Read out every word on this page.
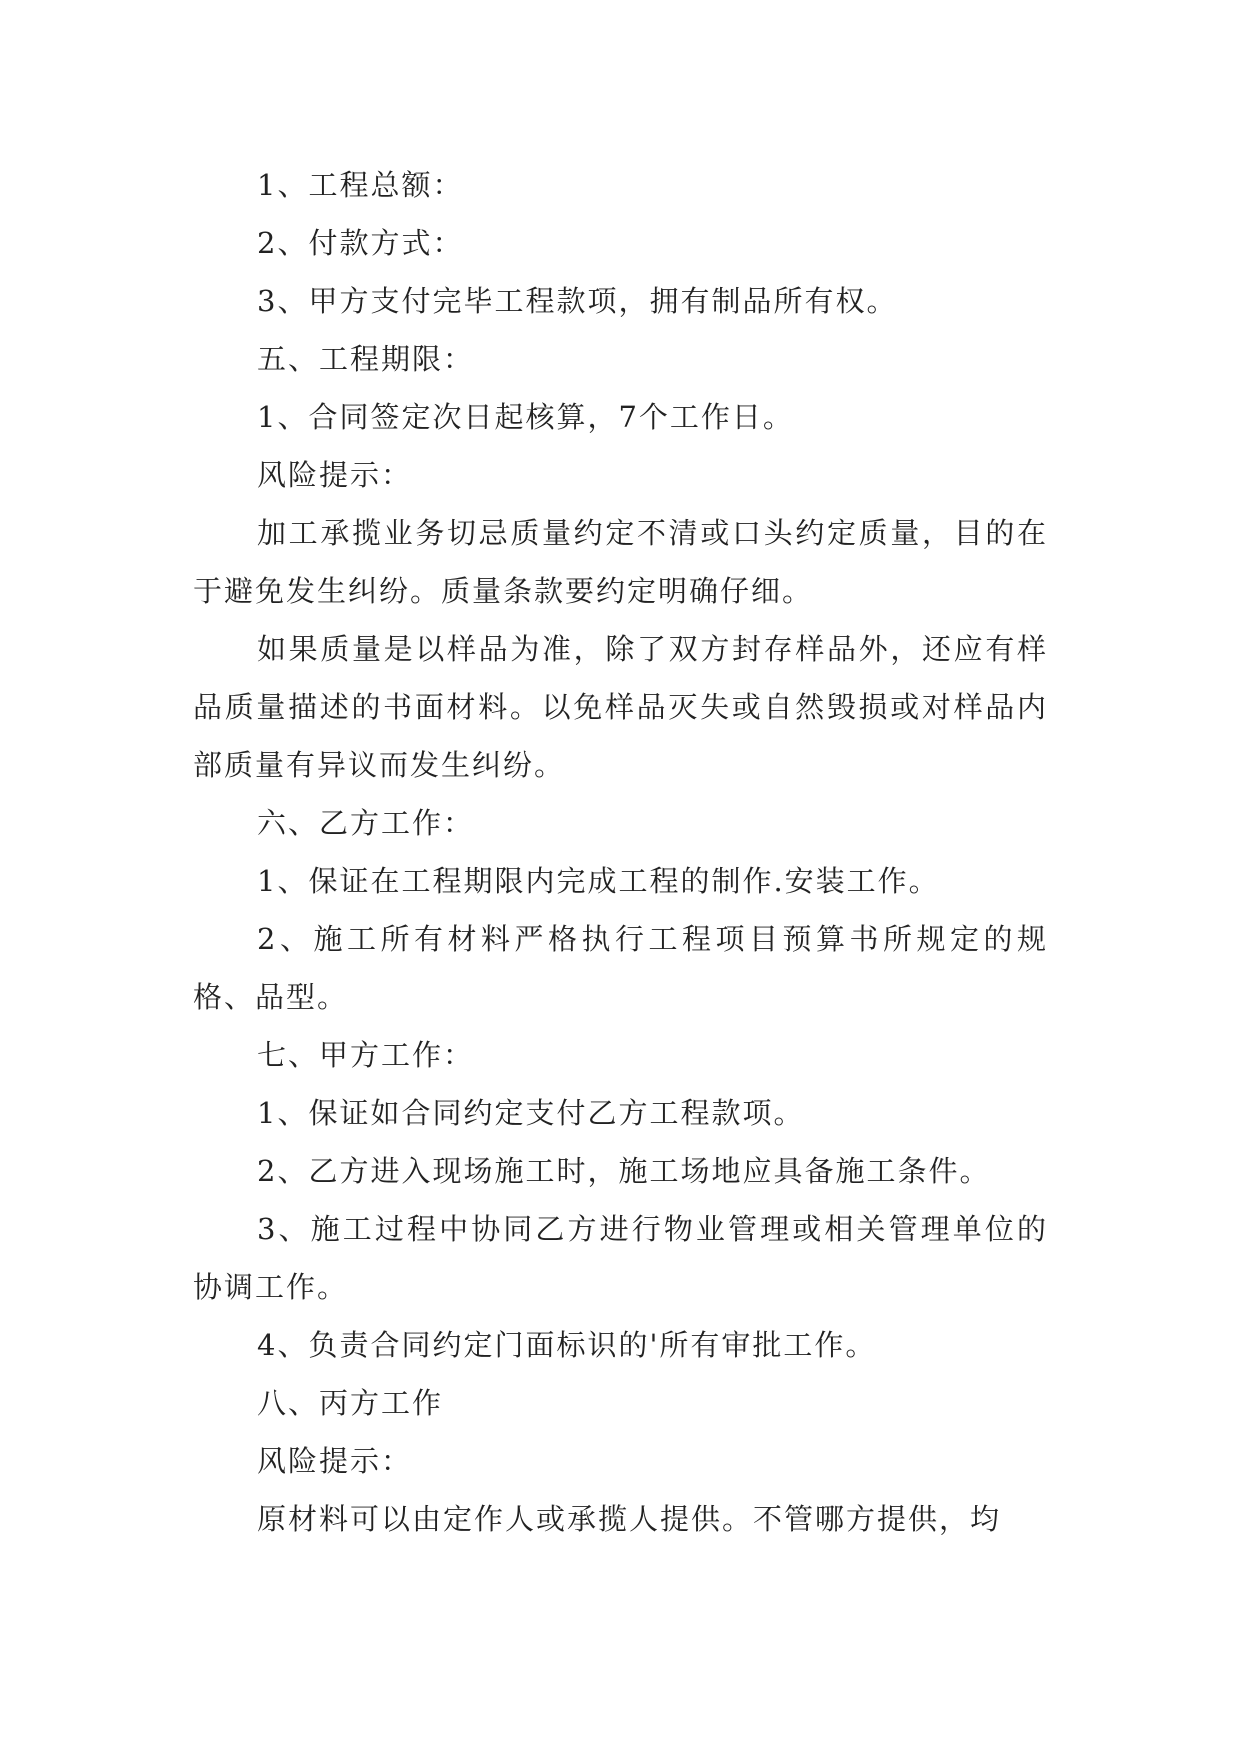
1、工程总额：

2、付款方式：

3、甲方支付完毕工程款项，拥有制品所有权。

五、工程期限：

1、合同签定次日起核算，7个工作日。

风险提示：

加工承揽业务切忌质量约定不清或口头约定质量，目的在于避免发生纠纷。质量条款要约定明确仔细。

如果质量是以样品为准，除了双方封存样品外，还应有样品质量描述的书面材料。以免样品灭失或自然毁损或对样品内部质量有异议而发生纠纷。

六、乙方工作：

1、保证在工程期限内完成工程的制作.安装工作。

2、施工所有材料严格执行工程项目预算书所规定的规格、品型。

七、甲方工作：

1、保证如合同约定支付乙方工程款项。

2、乙方进入现场施工时，施工场地应具备施工条件。

3、施工过程中协同乙方进行物业管理或相关管理单位的协调工作。

4、负责合同约定门面标识的'所有审批工作。

八、丙方工作

风险提示：

原材料可以由定作人或承揽人提供。不管哪方提供，均
